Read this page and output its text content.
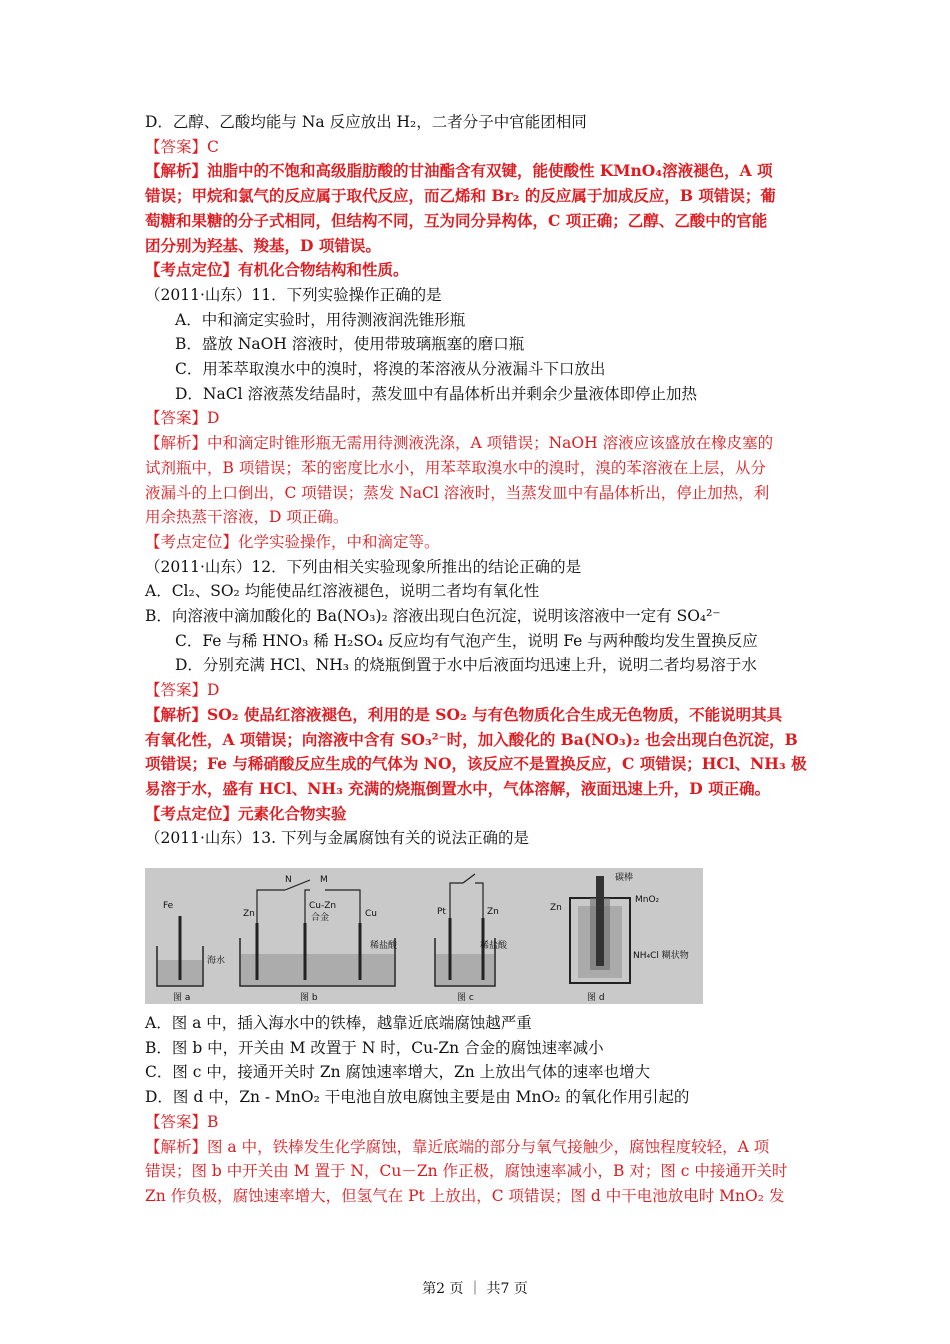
D．乙醇、乙酸均能与 Na 反应放出 H₂，二者分子中官能团相同
【答案】C
【解析】油脂中的不饱和高级脂肪酸的甘油酯含有双键，能使酸性 KMnO₄溶液褪色，A 项
错误；甲烷和氯气的反应属于取代反应，而乙烯和 Br₂ 的反应属于加成反应，B 项错误；葡
萄糖和果糖的分子式相同，但结构不同，互为同分异构体，C 项正确；乙醇、乙酸中的官能
团分别为羟基、羧基，D 项错误。
【考点定位】有机化合物结构和性质。
（2011·山东）11．下列实验操作正确的是
A．中和滴定实验时，用待测液润洗锥形瓶
B．盛放 NaOH 溶液时，使用带玻璃瓶塞的磨口瓶
C．用苯萃取溴水中的溴时，将溴的苯溶液从分液漏斗下口放出
D．NaCl 溶液蒸发结晶时，蒸发皿中有晶体析出并剩余少量液体即停止加热
【答案】D
【解析】中和滴定时锥形瓶无需用待测液洗涤，A 项错误；NaOH 溶液应该盛放在橡皮塞的
试剂瓶中，B 项错误；苯的密度比水小，用苯萃取溴水中的溴时，溴的苯溶液在上层，从分
液漏斗的上口倒出，C 项错误；蒸发 NaCl 溶液时，当蒸发皿中有晶体析出，停止加热，利
用余热蒸干溶液，D 项正确。
【考点定位】化学实验操作，中和滴定等。
（2011·山东）12．下列由相关实验现象所推出的结论正确的是
A．Cl₂、SO₂ 均能使品红溶液褪色，说明二者均有氧化性
B．向溶液中滴加酸化的 Ba(NO₃)₂ 溶液出现白色沉淀，说明该溶液中一定有 SO₄²⁻
C．Fe 与稀 HNO₃ 稀 H₂SO₄ 反应均有气泡产生，说明 Fe 与两种酸均发生置换反应
D．分别充满 HCl、NH₃ 的烧瓶倒置于水中后液面均迅速上升，说明二者均易溶于水
【答案】D
【解析】SO₂ 使品红溶液褪色，利用的是 SO₂ 与有色物质化合生成无色物质，不能说明其具
有氧化性，A 项错误；向溶液中含有 SO₃²⁻时，加入酸化的 Ba(NO₃)₂ 也会出现白色沉淀，B
项错误；Fe 与稀硝酸反应生成的气体为 NO，该反应不是置换反应，C 项错误；HCl、NH₃ 极
易溶于水，盛有 HCl、NH₃ 充满的烧瓶倒置水中，气体溶解，液面迅速上升，D 项正确。
【考点定位】元素化合物实验
（2011·山东）13. 下列与金属腐蚀有关的说法正确的是
Fe
海水
图 a
N	M
Zn
Cu-Zn
合金	Cu
稀盐酸
图 b
Pt	Zn
稀盐酸
图 c
碳棒
MnO₂
Zn
NH₄Cl 糊状物
图 d
A．图 a 中，插入海水中的铁棒，越靠近底端腐蚀越严重
B．图 b 中，开关由 M 改置于 N 时，Cu-Zn 合金的腐蚀速率减小
C．图 c 中，接通开关时 Zn 腐蚀速率增大，Zn 上放出气体的速率也增大
D．图 d 中，Zn - MnO₂ 干电池自放电腐蚀主要是由 MnO₂ 的氧化作用引起的
【答案】B
【解析】图 a 中，铁棒发生化学腐蚀，靠近底端的部分与氧气接触少，腐蚀程度较轻，A 项
错误；图 b 中开关由 M 置于 N，Cu－Zn 作正极，腐蚀速率减小，B 对；图 c 中接通开关时
Zn 作负极，腐蚀速率增大，但氢气在 Pt 上放出，C 项错误；图 d 中干电池放电时 MnO₂ 发
第2 页 ｜ 共7 页
